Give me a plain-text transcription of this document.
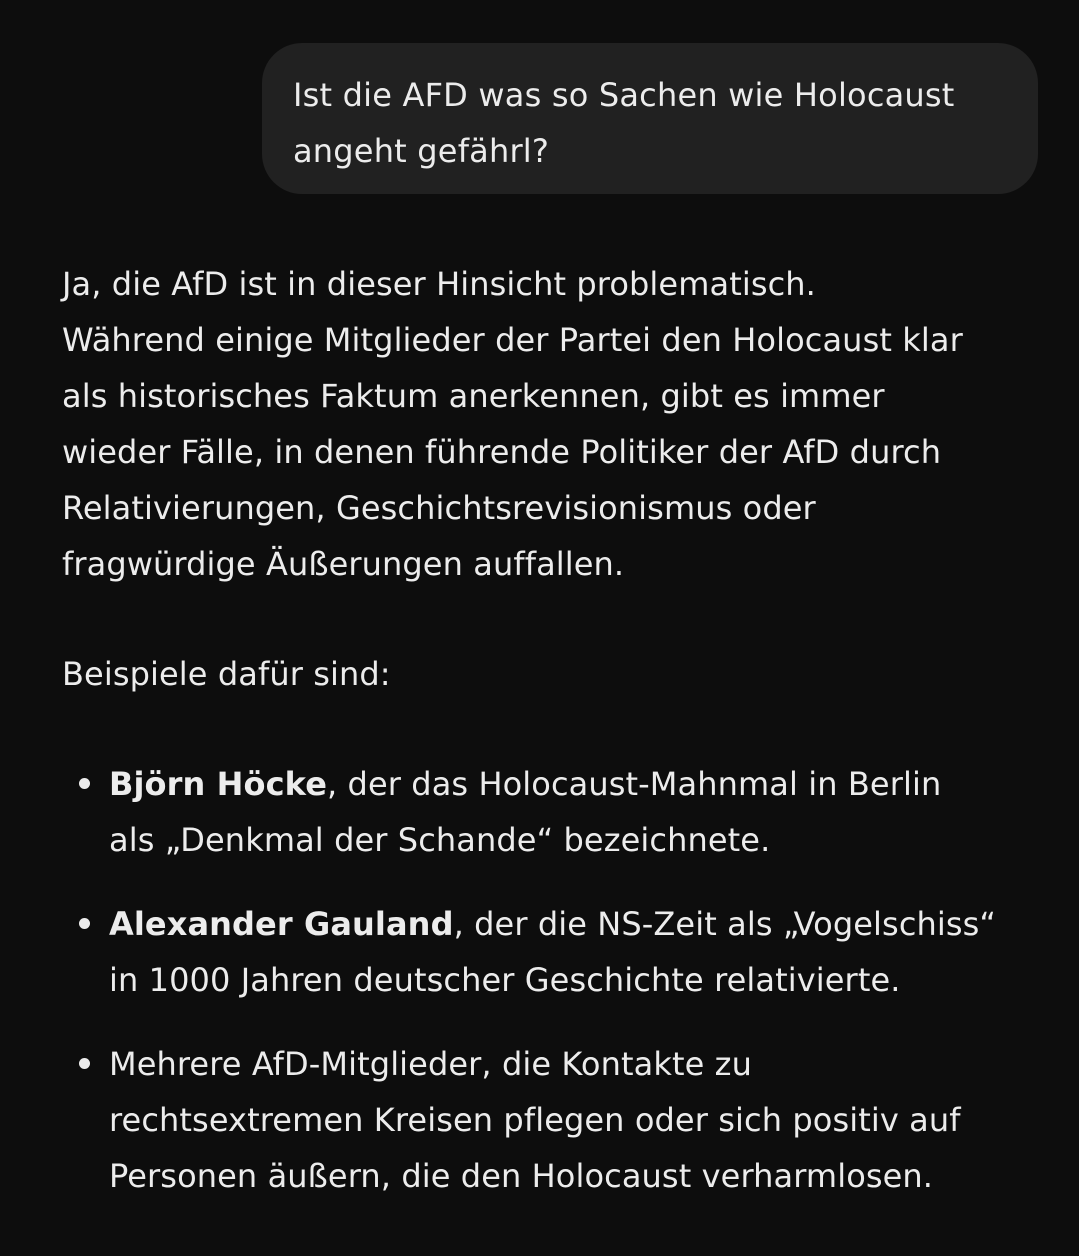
Ist die AFD was so Sachen wie Holocaust
angeht gefährl?

Ja, die AfD ist in dieser Hinsicht problematisch.
Während einige Mitglieder der Partei den Holocaust klar
als historisches Faktum anerkennen, gibt es immer
wieder Fälle, in denen führende Politiker der AfD durch
Relativierungen, Geschichtsrevisionismus oder
fragwürdige Äußerungen auffallen.

Beispiele dafür sind:

Björn Höcke, der das Holocaust-Mahnmal in Berlin
als „Denkmal der Schande“ bezeichnete.
Alexander Gauland, der die NS-Zeit als „Vogelschiss“
in 1000 Jahren deutscher Geschichte relativierte.
Mehrere AfD-Mitglieder, die Kontakte zu
rechtsextremen Kreisen pflegen oder sich positiv auf
Personen äußern, die den Holocaust verharmlosen.
